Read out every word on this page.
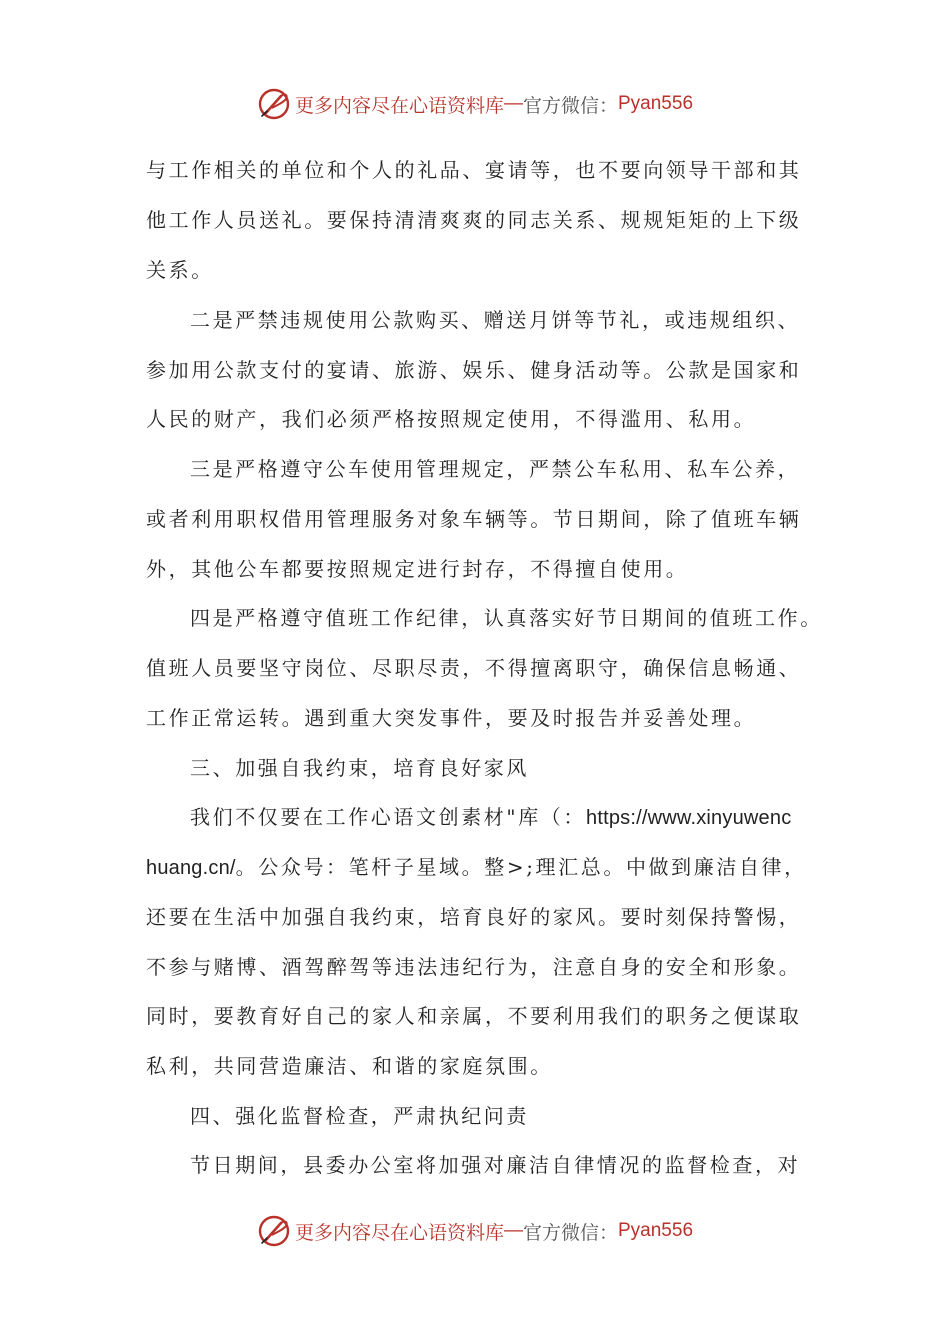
更多内容尽在心语资料库 — 官方微信： Pyan556
与工作相关的单位和个人的礼品、宴请等，也不要向领导干部和其
他工作人员送礼。要保持清清爽爽的同志关系、规规矩矩的上下级
关系。
二是严禁违规使用公款购买、赠送月饼等节礼，或违规组织、
参加用公款支付的宴请、旅游、娱乐、健身活动等。公款是国家和
人民的财产，我们必须严格按照规定使用，不得滥用、私用。
三是严格遵守公车使用管理规定，严禁公车私用、私车公养，
或者利用职权借用管理服务对象车辆等。节日期间，除了值班车辆
外，其他公车都要按照规定进行封存，不得擅自使用。
四是严格遵守值班工作纪律，认真落实好节日期间的值班工作。
值班人员要坚守岗位、尽职尽责，不得擅离职守，确保信息畅通、
工作正常运转。遇到重大突发事件，要及时报告并妥善处理。
三、加强自我约束，培育良好家风
我们不仅要在工作心语文创素材"库（：https://www.xinyuwenc
huang.cn/。公众号：笔杆子星域。整>;理汇总。中做到廉洁自律，
还要在生活中加强自我约束，培育良好的家风。要时刻保持警惕，
不参与赌博、酒驾醉驾等违法违纪行为，注意自身的安全和形象。
同时，要教育好自己的家人和亲属，不要利用我们的职务之便谋取
私利，共同营造廉洁、和谐的家庭氛围。
四、强化监督检查，严肃执纪问责
节日期间，县委办公室将加强对廉洁自律情况的监督检查，对
更多内容尽在心语资料库 — 官方微信： Pyan556
